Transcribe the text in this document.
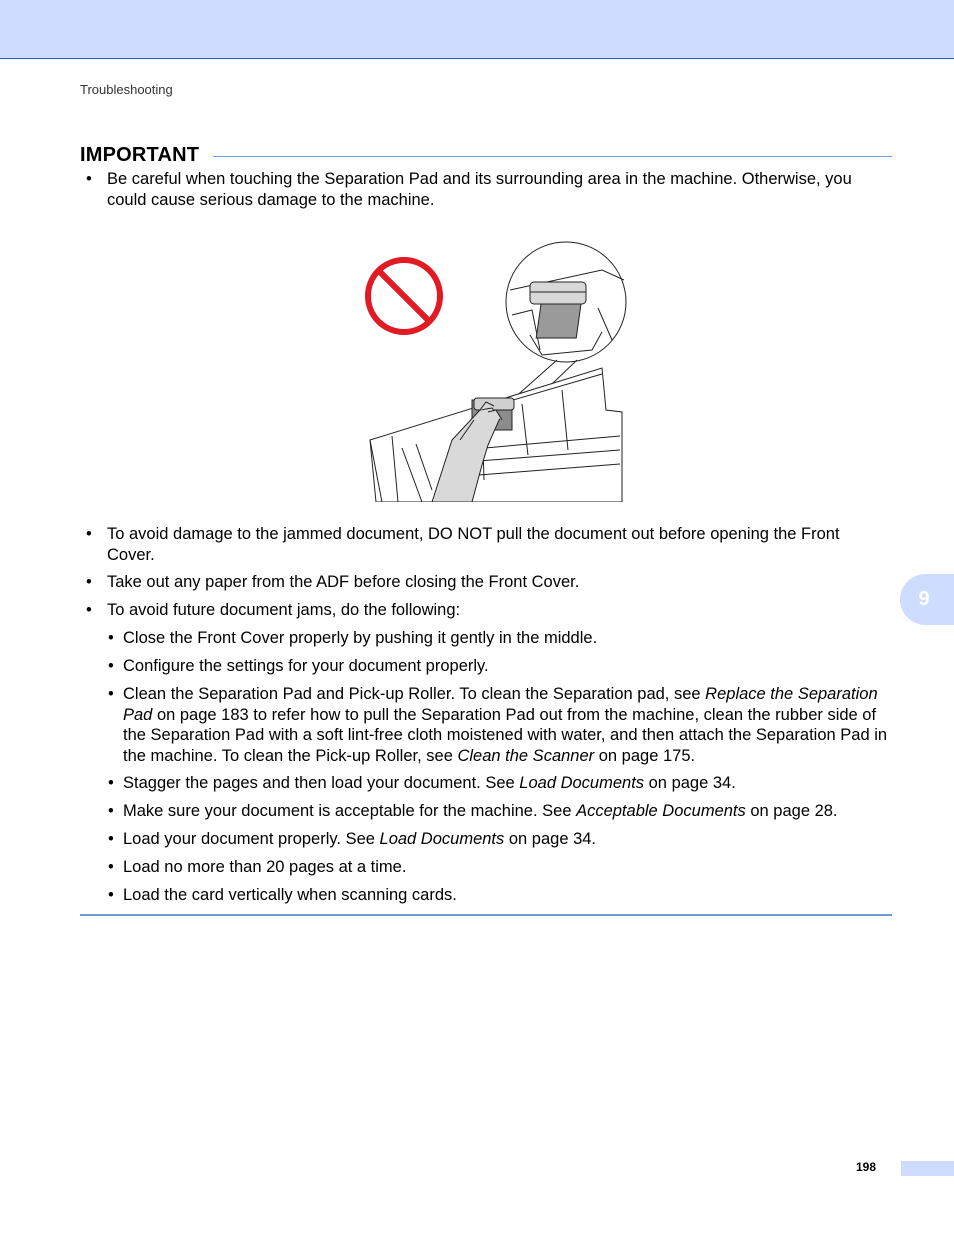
Troubleshooting
IMPORTANT
• Be careful when touching the Separation Pad and its surrounding area in the machine. Otherwise, you could cause serious damage to the machine.
• To avoid damage to the jammed document, DO NOT pull the document out before opening the Front Cover.
• Take out any paper from the ADF before closing the Front Cover.
• To avoid future document jams, do the following:
• Close the Front Cover properly by pushing it gently in the middle.
• Configure the settings for your document properly.
• Clean the Separation Pad and Pick-up Roller. To clean the Separation pad, see Replace the Separation Pad on page 183 to refer how to pull the Separation Pad out from the machine, clean the rubber side of the Separation Pad with a soft lint-free cloth moistened with water, and then attach the Separation Pad in the machine. To clean the Pick-up Roller, see Clean the Scanner on page 175.
• Stagger the pages and then load your document. See Load Documents on page 34.
• Make sure your document is acceptable for the machine. See Acceptable Documents on page 28.
• Load your document properly. See Load Documents on page 34.
• Load no more than 20 pages at a time.
• Load the card vertically when scanning cards.
9
198
